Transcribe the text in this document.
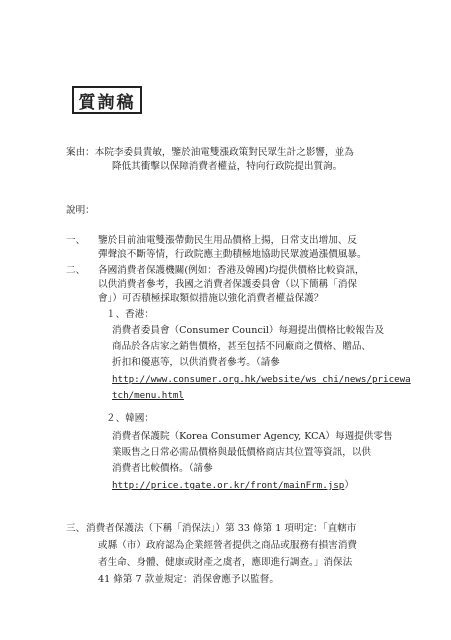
質詢稿
案由：本院李委員貴敏，鑒於油電雙漲政策對民眾生計之影響，並為
降低其衝擊以保障消費者權益，特向行政院提出質詢。
說明：
一、 鑒於目前油電雙漲帶動民生用品價格上揚，日常支出增加、反
彈聲浪不斷等情，行政院應主動積極地協助民眾渡過漲價風暴。
二、 各國消費者保護機關(例如：香港及韓國)均提供價格比較資訊，
以供消費者參考，我國之消費者保護委員會（以下簡稱「消保
會」）可否積極採取類似措施以強化消費者權益保護？
１、香港：
消費者委員會（Consumer Council）每週提出價格比較報告及
商品於各店家之銷售價格，甚至包括不同廠商之價格、贈品、
折扣和優惠等，以供消費者參考。（請參
http://www.consumer.org.hk/website/ws_chi/news/pricewa
tch/menu.html
２、韓國：
消費者保護院（Korea Consumer Agency, KCA）每週提供零售
業販售之日常必需品價格與最低價格商店其位置等資訊，以供
消費者比較價格。（請參
http://price.tgate.or.kr/front/mainFrm.jsp）
三、 消費者保護法（下稱「消保法」）第 33 條第 1 項明定：「直轄市
或縣（市）政府認為企業經營者提供之商品或服務有損害消費
者生命、身體、健康或財產之虞者，應即進行調查。」消保法
41 條第 7 款並規定：消保會應予以監督。
